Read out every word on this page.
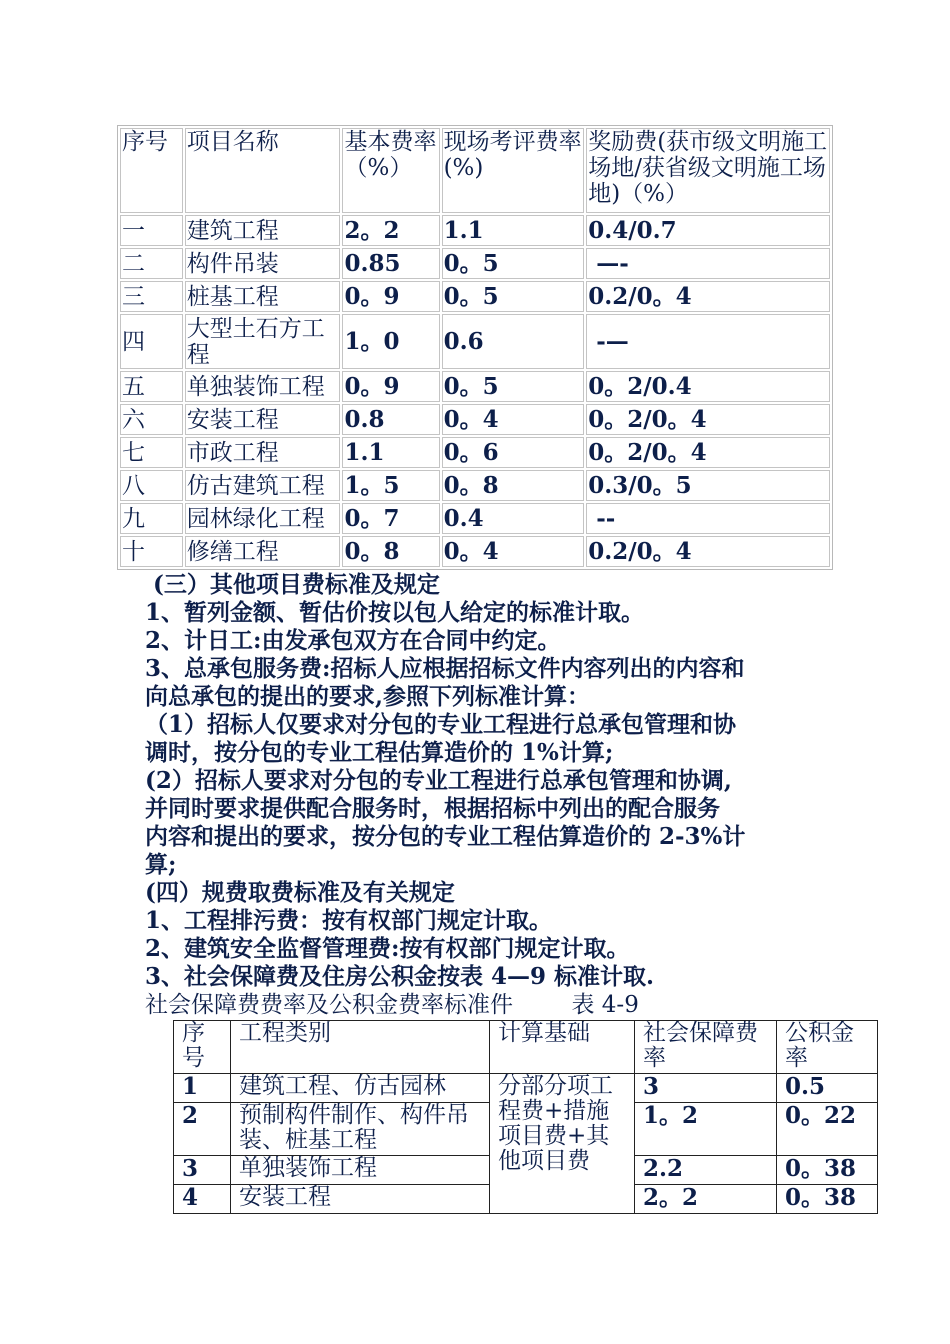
序号	项目名称	基本费率（%）	现场考评费率(%)	奖励费(获市级文明施工场地/获省级文明施工场地)（%）
一	建筑工程	2。2	1.1	0.4/0.7
二	构件吊装	0.85	0。5	—-
三	桩基工程	0。9	0。5	0.2/0。4
四	大型土石方工程	1。0	0.6	-—
五	单独装饰工程	0。9	0。5	0。2/0.4
六	安装工程	0.8	0。4	0。2/0。4
七	市政工程	1.1	0。6	0。2/0。4
八	仿古建筑工程	1。5	0。8	0.3/0。5
九	园林绿化工程	0。7	0.4	--
十	修缮工程	0。8	0。4	0.2/0。4
(三）其他项目费标准及规定
1、暂列金额、暂估价按以包人给定的标准计取。
2、计日工:由发承包双方在合同中约定。
3、总承包服务费:招标人应根据招标文件内容列出的内容和
向总承包的提出的要求,参照下列标准计算：
（1）招标人仅要求对分包的专业工程进行总承包管理和协
调时，按分包的专业工程估算造价的 1%计算;
(2）招标人要求对分包的专业工程进行总承包管理和协调,
并同时要求提供配合服务时，根据招标中列出的配合服务
内容和提出的要求，按分包的专业工程估算造价的 2-3%计
算;
(四）规费取费标准及有关规定
1、工程排污费：按有权部门规定计取。
2、建筑安全监督管理费:按有权部门规定计取。
3、社会保障费及住房公积金按表 4—9 标准计取.
社会保障费费率及公积金费率标准件        表 4-9
序号	工程类别	计算基础	社会保障费率	公积金率
1	建筑工程、仿古园林	分部分项工程费+措施项目费+其他项目费	3	0.5
2	预制构件制作、构件吊装、桩基工程		1。2	0。22
3	单独装饰工程		2.2	0。38
4	安装工程		2。2	0。38
